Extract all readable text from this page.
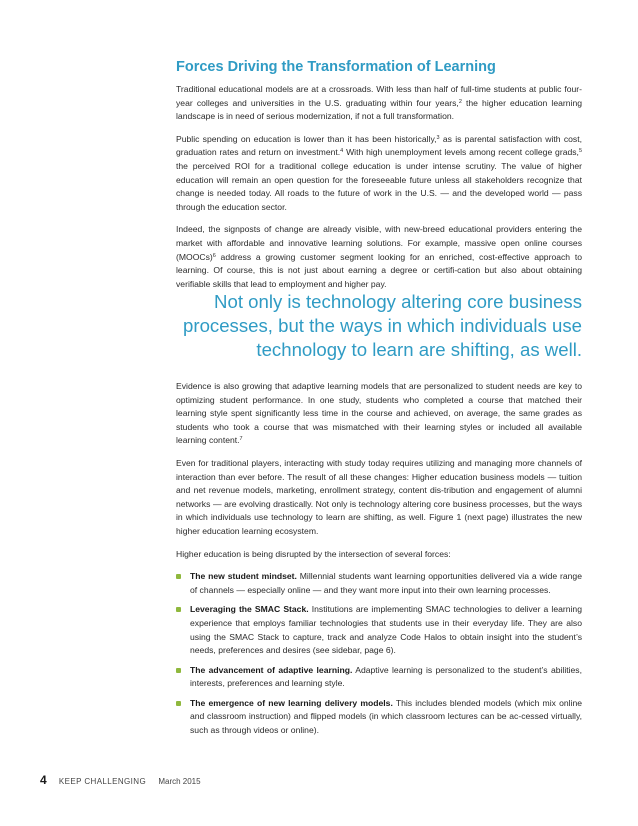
Forces Driving the Transformation of Learning

Traditional educational models are at a crossroads. With less than half of full-time students at public four-year colleges and universities in the U.S. graduating within four years,$^2$ the higher education learning landscape is in need of serious modernization, if not a full transformation.

Public spending on education is lower than it has been historically,$^3$ as is parental satisfaction with cost, graduation rates and return on investment.$^4$ With high unemployment levels among recent college grads,$^5$ the perceived ROI for a traditional college education is under intense scrutiny. The value of higher education will remain an open question for the foreseeable future unless all stakeholders recognize that change is needed today. All roads to the future of work in the U.S. — and the developed world — pass through the education sector.

Indeed, the signposts of change are already visible, with new-breed educational providers entering the market with affordable and innovative learning solutions. For example, massive open online courses (MOOCs)$^6$ address a growing customer segment looking for an enriched, cost-effective approach to learning. Of course, this is not just about earning a degree or certifi-cation but also about obtaining verifiable skills that lead to employment and higher pay.

Not only is technology altering core business
processes, but the ways in which individuals use
technology to learn are shifting, as well.

Evidence is also growing that adaptive learning models that are personalized to student needs are key to optimizing student performance. In one study, students who completed a course that matched their learning style spent significantly less time in the course and achieved, on average, the same grades as students who took a course that was mismatched with their learning styles or included all available learning content.$^7$

Even for traditional players, interacting with study today requires utilizing and managing more channels of interaction than ever before. The result of all these changes: Higher education business models — tuition and net revenue models, marketing, enrollment strategy, content dis-tribution and engagement of alumni networks — are evolving drastically. Not only is technology altering core business processes, but the ways in which individuals use technology to learn are shifting, as well. Figure 1 (next page) illustrates the new higher education learning ecosystem.

Higher education is being disrupted by the intersection of several forces:

The new student mindset. Millennial students want learning opportunities delivered via a wide range of channels — especially online — and they want more input into their own learning processes.
Leveraging the SMAC Stack. Institutions are implementing SMAC technologies to deliver a learning experience that employs familiar technologies that students use in their everyday life. They are also using the SMAC Stack to capture, track and analyze Code Halos to obtain insight into the student’s needs, preferences and desires (see sidebar, page 6).
The advancement of adaptive learning. Adaptive learning is personalized to the student’s abilities, interests, preferences and learning style.
The emergence of new learning delivery models. This includes blended models (which mix online and classroom instruction) and flipped models (in which classroom lectures can be ac-cessed virtually, such as through videos or online).
4 KEEP CHALLENGING March 2015
